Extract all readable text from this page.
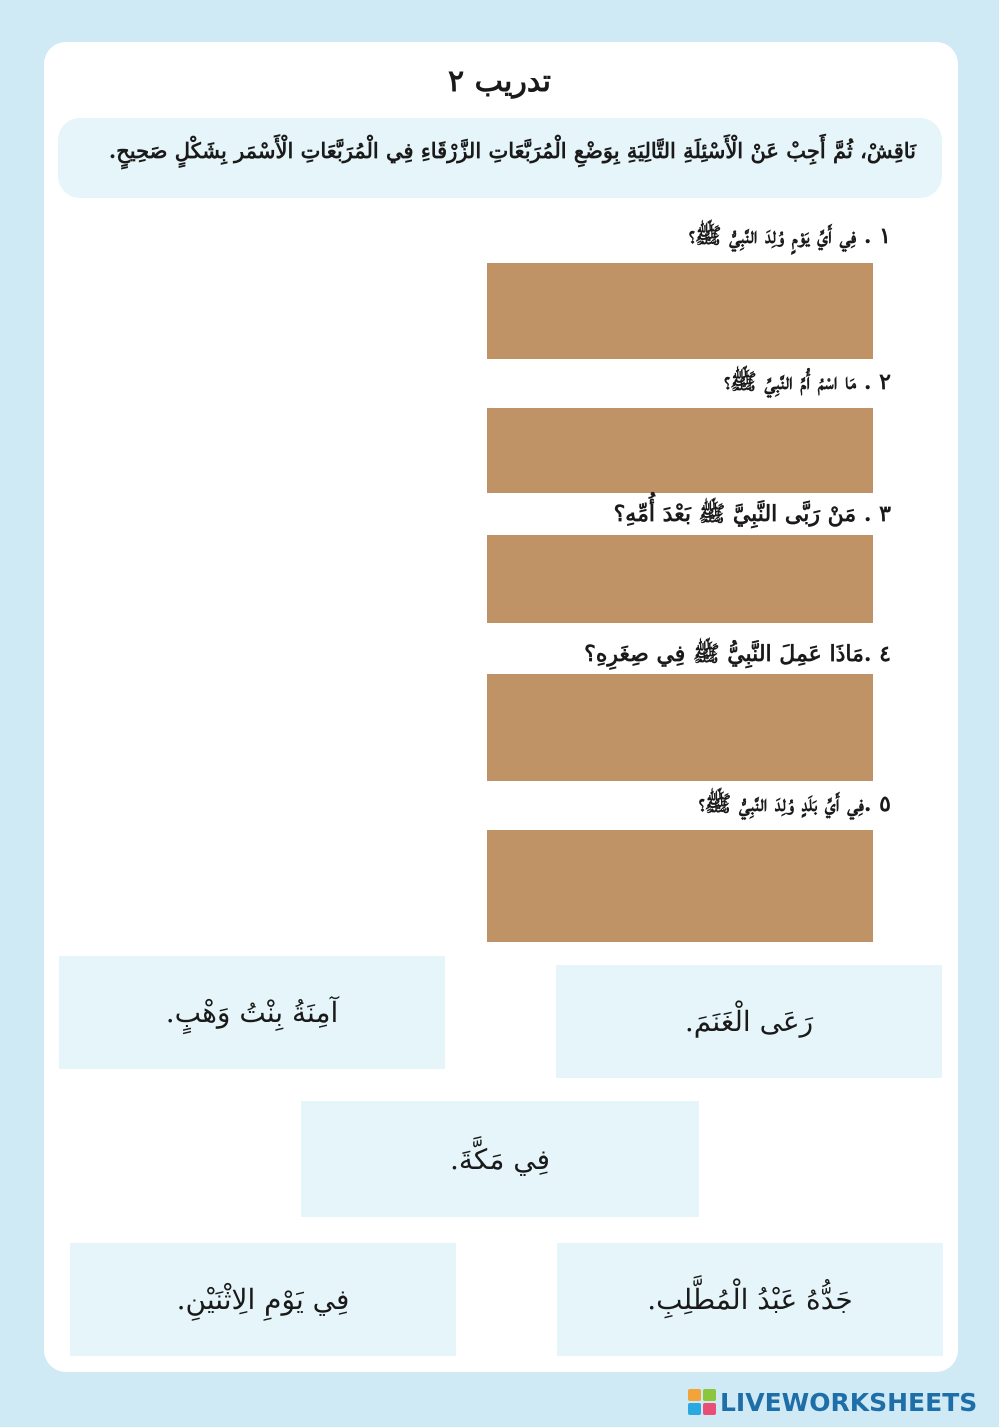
تدريب ٢
نَاقِشْ، ثُمَّ أَجِبْ عَنْ الْأَسْئِلَةِ التَّالِيَةِ بِوَضْعِ الْمُرَبَّعَاتِ الزَّرْقَاءِ فِي الْمُرَبَّعَاتِ الْأَسْمَر بِشَكْلٍ صَحِيحٍ.
١ . فِي أَيِّ يَوْمٍ وُلِدَ النَّبِيُّ ﷺ؟
٢ . مَا اسْمُ أُمِّ النَّبِيِّ ﷺ؟
٣ . مَنْ رَبَّى النَّبِيَّ ﷺ بَعْدَ أُمِّهِ؟
٤ .مَاذَا عَمِلَ النَّبِيُّ ﷺ فِي صِغَرِهِ؟
٥ .فِي أَيِّ بَلَدٍ وُلِدَ النَّبِيُّ ﷺ؟
آمِنَةُ بِنْتُ وَهْبٍ.	رَعَى الْغَنَمَ.
فِي مَكَّةَ.
فِي يَوْمِ الِاثْنَيْنِ.	جَدُّهُ عَبْدُ الْمُطَّلِبِ.
LIVEWORKSHEETS
